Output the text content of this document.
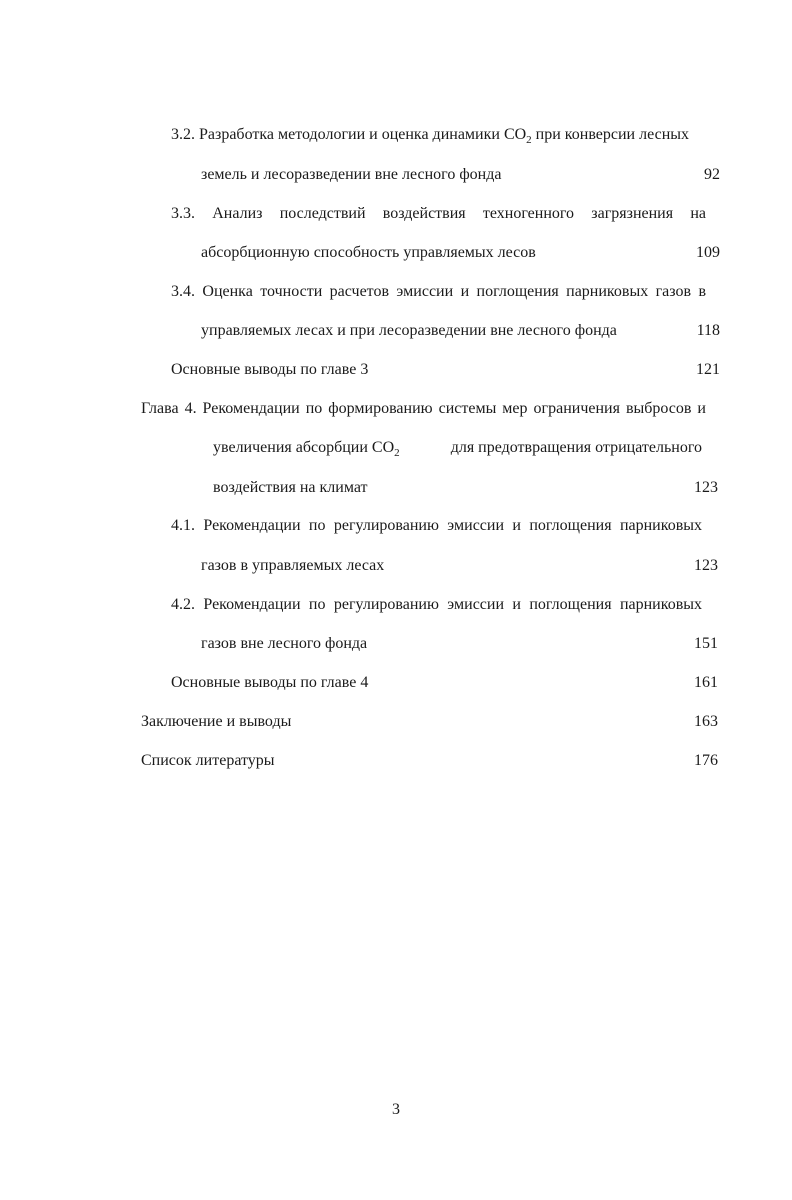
3.2. Разработка методологии и оценка динамики $CO_2$ при конверсии лесных
земель и лесоразведении вне лесного фонда	92
3.3. Анализ последствий воздействия техногенного загрязнения на
абсорбционную способность управляемых лесов	109
3.4. Оценка точности расчетов эмиссии и поглощения парниковых газов в
управляемых лесах и при лесоразведении вне лесного фонда	118
Основные выводы по главе 3	121
Глава 4. Рекомендации по формированию системы мер ограничения выбросов и
увеличения абсорбции $CO_2$	для предотвращения отрицательного
воздействия на климат	123
4.1. Рекомендации по регулированию эмиссии и поглощения парниковых
газов в управляемых лесах	123
4.2. Рекомендации по регулированию эмиссии и поглощения парниковых
газов вне лесного фонда	151
Основные выводы по главе 4	161
Заключение и выводы	163
Список литературы	176
3
